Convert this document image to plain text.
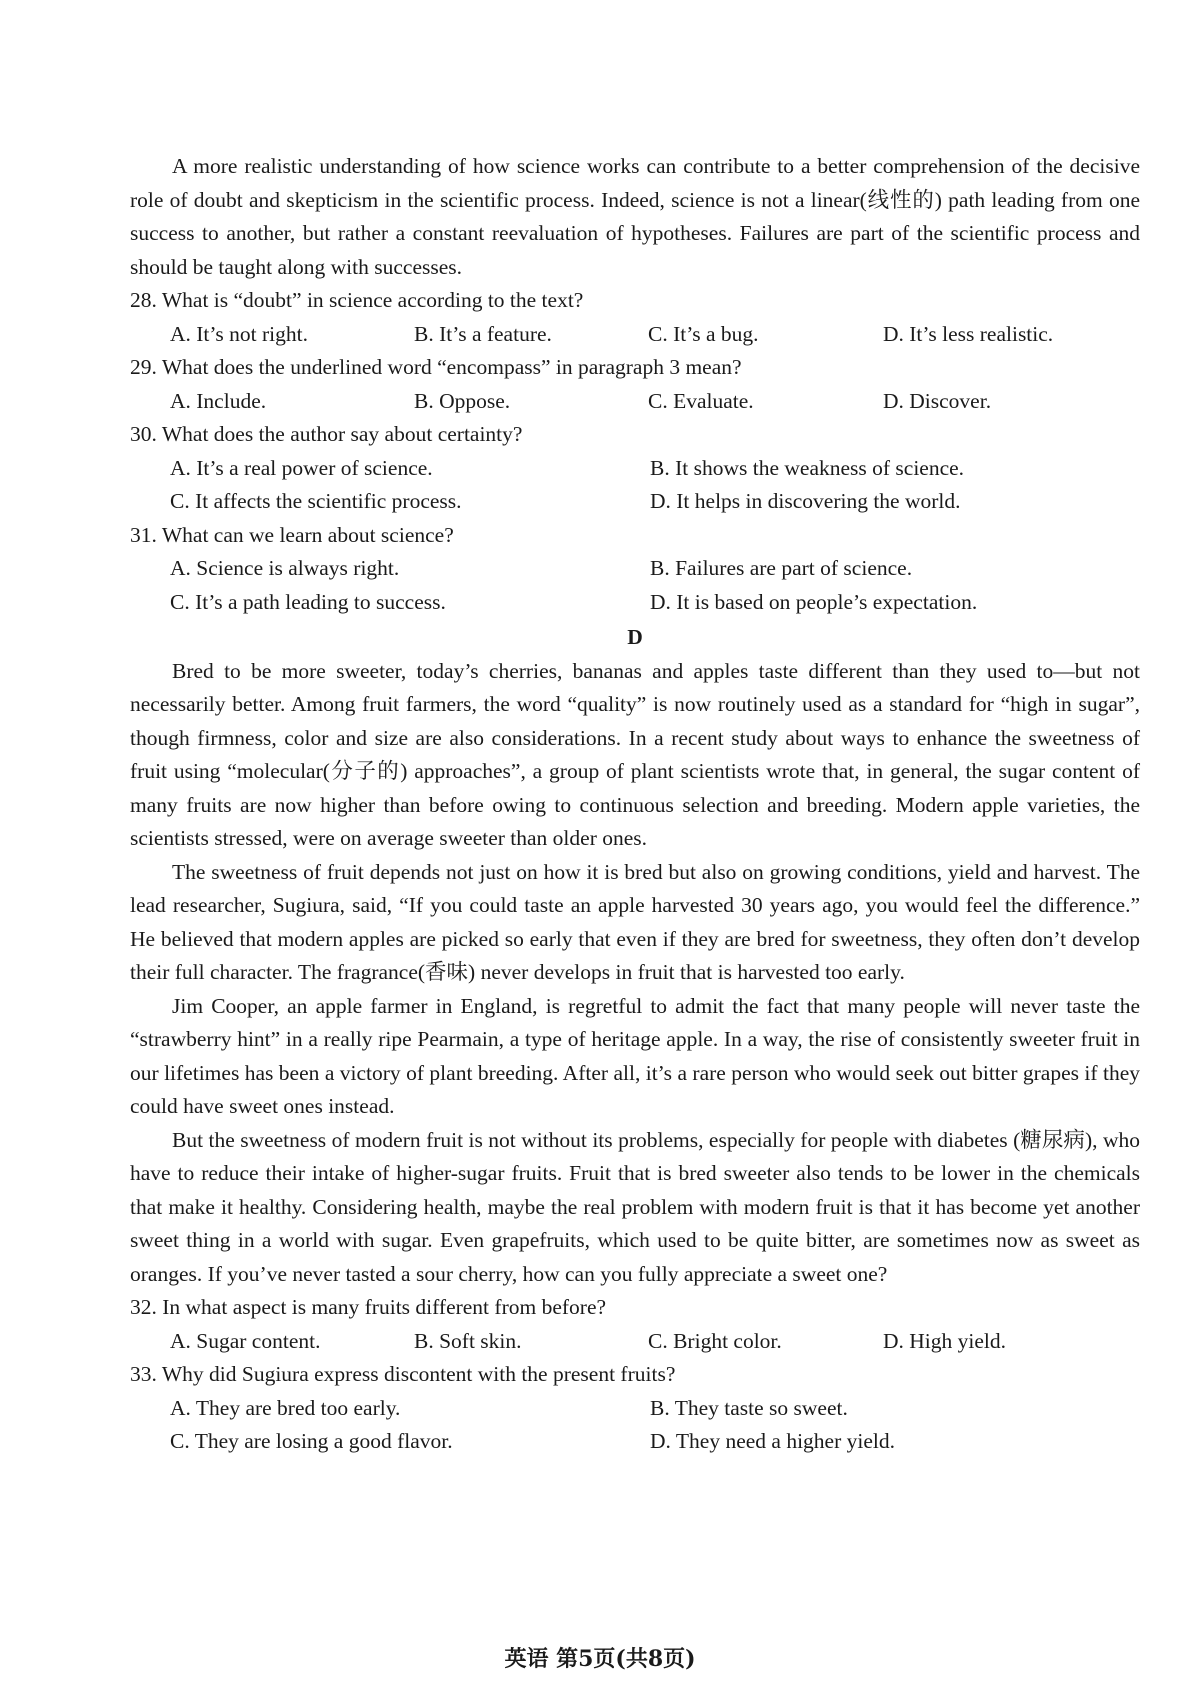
A more realistic understanding of how science works can contribute to a better comprehension of the decisive role of doubt and skepticism in the scientific process. Indeed, science is not a linear(线性的) path leading from one success to another, but rather a constant reevaluation of hypotheses. Failures are part of the scientific process and should be taught along with successes.

28. What is “doubt” in science according to the text?
A. It’s not right.	B. It’s a feature.	C. It’s a bug.	D. It’s less realistic.
29. What does the underlined word “encompass” in paragraph 3 mean?
A. Include.	B. Oppose.	C. Evaluate.	D. Discover.
30. What does the author say about certainty?
A. It’s a real power of science.	B. It shows the weakness of science.
C. It affects the scientific process.	D. It helps in discovering the world.
31. What can we learn about science?
A. Science is always right.	B. Failures are part of science.
C. It’s a path leading to success.	D. It is based on people’s expectation.
D

Bred to be more sweeter, today’s cherries, bananas and apples taste different than they used to—but not necessarily better. Among fruit farmers, the word “quality” is now routinely used as a standard for “high in sugar”, though firmness, color and size are also considerations. In a recent study about ways to enhance the sweetness of fruit using “molecular(分子的) approaches”, a group of plant scientists wrote that, in general, the sugar content of many fruits are now higher than before owing to continuous selection and breeding. Modern apple varieties, the scientists stressed, were on average sweeter than older ones.

The sweetness of fruit depends not just on how it is bred but also on growing conditions, yield and harvest. The lead researcher, Sugiura, said, “If you could taste an apple harvested 30 years ago, you would feel the difference.” He believed that modern apples are picked so early that even if they are bred for sweetness, they often don’t develop their full character. The fragrance(香味) never develops in fruit that is harvested too early.

Jim Cooper, an apple farmer in England, is regretful to admit the fact that many people will never taste the “strawberry hint” in a really ripe Pearmain, a type of heritage apple. In a way, the rise of consistently sweeter fruit in our lifetimes has been a victory of plant breeding. After all, it’s a rare person who would seek out bitter grapes if they could have sweet ones instead.

But the sweetness of modern fruit is not without its problems, especially for people with diabetes (糖尿病), who have to reduce their intake of higher-sugar fruits. Fruit that is bred sweeter also tends to be lower in the chemicals that make it healthy. Considering health, maybe the real problem with modern fruit is that it has become yet another sweet thing in a world with sugar. Even grapefruits, which used to be quite bitter, are sometimes now as sweet as oranges. If you’ve never tasted a sour cherry, how can you fully appreciate a sweet one?

32. In what aspect is many fruits different from before?
A. Sugar content.	B. Soft skin.	C. Bright color.	D. High yield.
33. Why did Sugiura express discontent with the present fruits?
A. They are bred too early.	B. They taste so sweet.
C. They are losing a good flavor.	D. They need a higher yield.
英语 第5页(共8页)
